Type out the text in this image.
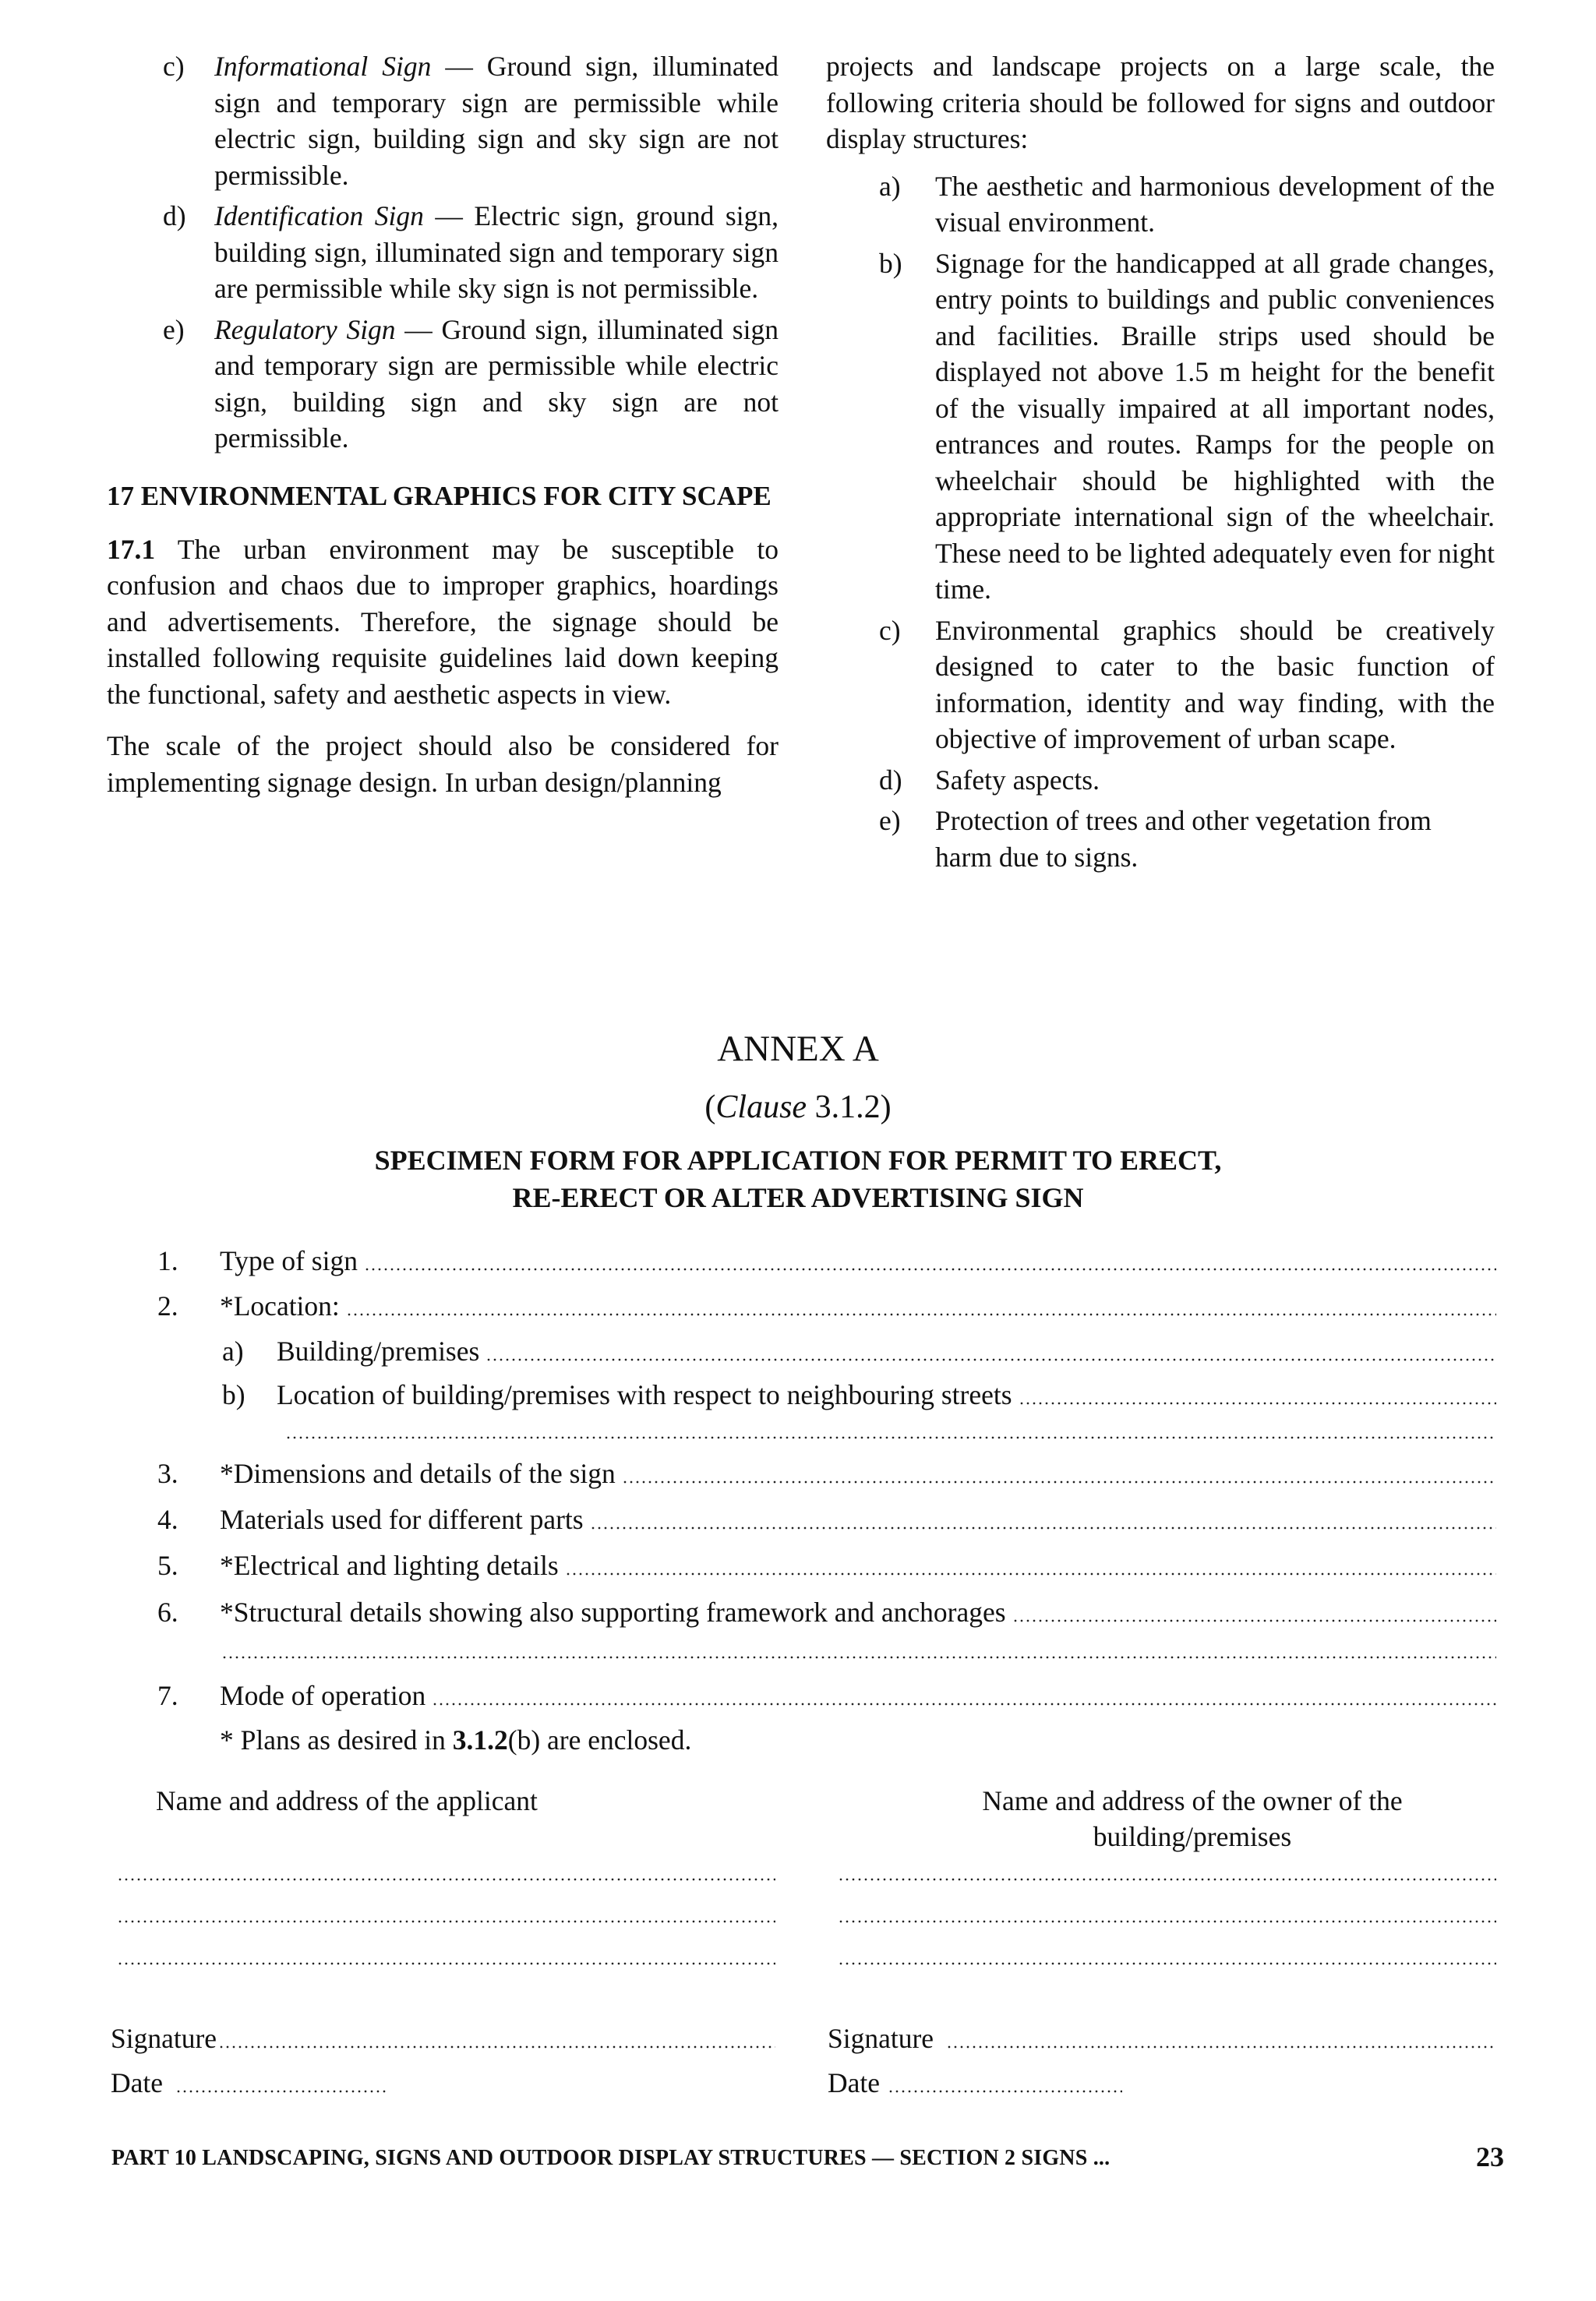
c) Informational Sign — Ground sign, illuminated sign and temporary sign are permissible while electric sign, building sign and sky sign are not permissible.
d) Identification Sign — Electric sign, ground sign, building sign, illuminated sign and temporary sign are permissible while sky sign is not permissible.
e) Regulatory Sign — Ground sign, illuminated sign and temporary sign are permissible while electric sign, building sign and sky sign are not permissible.
17 ENVIRONMENTAL GRAPHICS FOR CITY SCAPE

17.1 The urban environment may be susceptible to confusion and chaos due to improper graphics, hoardings and advertisements. Therefore, the signage should be installed following requisite guidelines laid down keeping the functional, safety and aesthetic aspects in view.

The scale of the project should also be considered for implementing signage design. In urban design/planning

projects and landscape projects on a large scale, the following criteria should be followed for signs and outdoor display structures:

a) The aesthetic and harmonious development of the visual environment.
b) Signage for the handicapped at all grade changes, entry points to buildings and public conveniences and facilities. Braille strips used should be displayed not above 1.5 m height for the benefit of the visually impaired at all important nodes, entrances and routes. Ramps for the people on wheelchair should be highlighted with the appropriate international sign of the wheelchair. These need to be lighted adequately even for night time.
c) Environmental graphics should be creatively designed to cater to the basic function of information, identity and way finding, with the objective of improvement of urban scape.
d) Safety aspects.
e) Protection of trees and other vegetation from harm due to signs.
ANNEX A
(Clause 3.1.2)
SPECIMEN FORM FOR APPLICATION FOR PERMIT TO ERECT,
RE-ERECT OR ALTER ADVERTISING SIGN
1. Type of sign
2. *Location:
a) Building/premises
b) Location of building/premises with respect to neighbouring streets
3. *Dimensions and details of the sign
4. Materials used for different parts
5. *Electrical and lighting details
6. *Structural details showing also supporting framework and anchorages
7. Mode of operation
* Plans as desired in 3.1.2(b) are enclosed.
Name and address of the applicant	Name and address of the owner of the
building/premises
Signature
Date
Signature
Date
PART 10 LANDSCAPING, SIGNS AND OUTDOOR DISPLAY STRUCTURES — SECTION 2 SIGNS ...	23
